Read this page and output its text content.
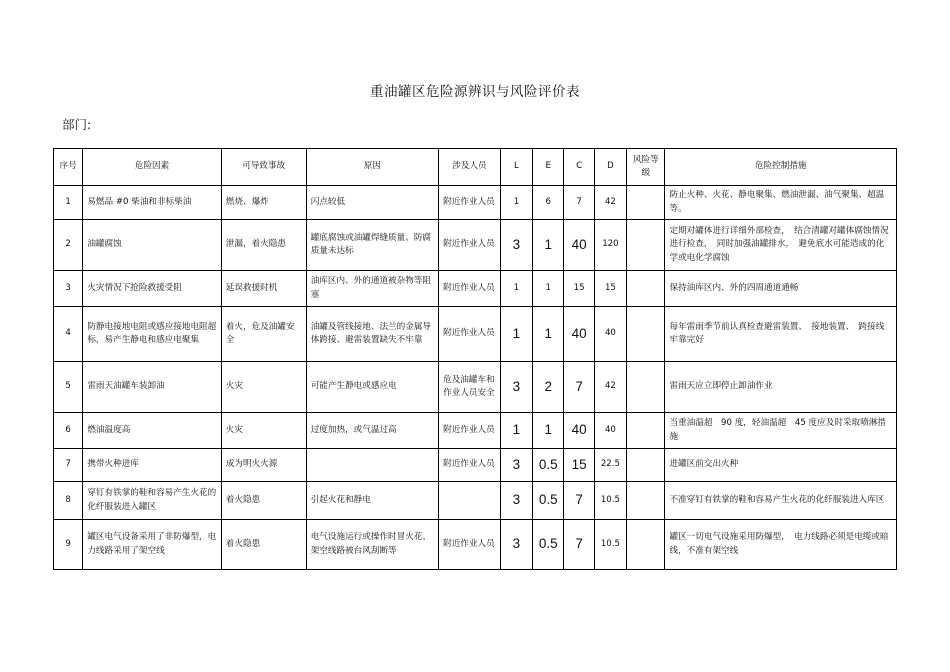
重油罐区危险源辨识与风险评价表
部门:
序号	危险因素	可导致事故	原因	涉及人员	L	E	C	D	风险等级	危险控制措施
1	易燃品 #0 柴油和非标柴油	燃烧、爆炸	闪点较低	附近作业人员	1	6	7	42		防止火种、火花、静电聚集、燃油泄漏、油气聚集、超温等。
2	油罐腐蚀	泄漏，着火隐患	罐底腐蚀或油罐焊缝质量、防腐质量未达标	附近作业人员	3	1	40	120		定期对罐体进行详细外部检查，　结合清罐对罐体腐蚀情况进行检查，　同时加强油罐排水，　避免底水可能造成的化学或电化学腐蚀
3	火灾情况下抢险救援受阻	延误救援时机	油库区内、外的通道被杂物等阻塞	附近作业人员	1	1	15	15		保持油库区内、外的四周通道通畅
4	防静电接地电阻或感应接地电阻超标，易产生静电和感应电聚集	着火，危及油罐安全	油罐及管线接地、法兰的金属导体跨接、避雷装置缺失不牢靠	附近作业人员	1	1	40	40		每年雷雨季节前认真检查避雷装置、　接地装置、　跨接线牢靠完好
5	雷雨天油罐车装卸油	火灾	可能产生静电或感应电	危及油罐车和作业人员安全	3	2	7	42		雷雨天应立即停止卸油作业
6	燃油温度高	火灾	过度加热，或气温过高	附近作业人员	1	1	40	40		当重油温超　90 度，轻油温超　45 度应及时采取喷淋措施
7	携带火种进库	成为明火火源		附近作业人员	3	0.5	15	22.5		进罐区前交出火种
8	穿钉有铁掌的鞋和容易产生火花的化纤服装进入罐区	着火隐患	引起火花和静电		3	0.5	7	10.5		不准穿钉有铁掌的鞋和容易产生火花的化纤服装进入库区
9	罐区电气设备采用了非防爆型，电力线路采用了架空线	着火隐患	电气设施运行或操作时冒火花、架空线路被台风刮断等	附近作业人员	3	0.5	7	10.5		罐区一切电气设施采用防爆型，　电力线路必须是电缆或暗线，不准有架空线
